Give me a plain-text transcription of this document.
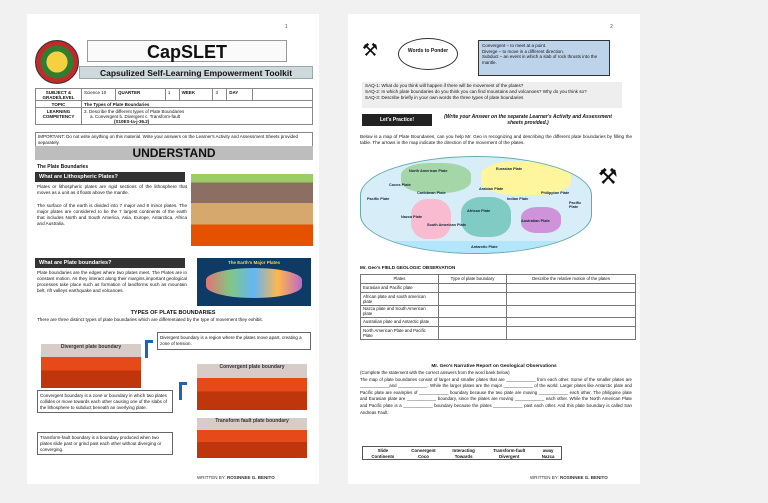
1
CapSLET
Capsulized Self-Learning Empowerment Toolkit
SUBJECT & GRADE/LEVEL	Science 10	QUARTER	1	WEEK	3	DAY	
TOPIC	The Types of Plate Boundaries						
LEARNING COMPETENCY	3. Describe the different types of Plate Boundaries
a. Convergent b. Divergent c. Transform-fault
(S10ES-Ia-j-36.2)						
IMPORTANT: Do not write anything on this material. Write your answers on the Learner's Activity and Assessment Sheets provided separately.
UNDERSTAND
The Plate Boundaries
What are Lithospheric Plates?
Plates or lithospheric plates are rigid sections of the lithosphere that moves as a unit as it floats above the mantle.
The surface of the earth is divided into 7 major and 8 minor plates. The major plates are considered to be the 7 largest continents of the earth that includes North and South America, Asia, Europe, Antarctica, Africa and Australia.
What are Plate boundaries?
Plate boundaries are the edges where two plates meet. The Plates are in constant motion. As they interact along their margins,important geological processes take place such as formation of landforms such as mountain belt, rift valleys earthquake and volcanoes.
The Earth's Major Plates
TYPES OF PLATE BOUNDARIES
There are three distinct types of plate boundaries which are differentiated by the type of movement they exhibit.
Divergent plate boundary
Divergent boundary is a region where the plates move apart, creating a zone of tension.
Convergent plate boundary
Convergent boundary is a zone or boundary in which two plates collides or move towards each other causing one of the slabs of the lithosphere to subduct beneath an overlying plate.
Transform fault plate boundary
Transform-fault boundary is a boundary produced when two plates slide past or grind past each other without diverging or converging.
WRITTEN BY: ROSINNEE G. BENITO
2
⚒	Words to Ponder
Convergent – to meet at a point.
Diverge – to move in a different direction.
Subduct – an event in which a slab of rock thrusts into the mantle.
SAQ-1: What do you think will happen if there will be movement of the plates?
SAQ-2: In which plate boundaries do you think you can find mountains and volcanoes? Why do you think so?
SAQ-3: Describe briefly in your own words the three types of plate boundaries
Let's Practice!	(Write your Answer on the separate Learner's Activity and Assessment sheets provided.)
Below is a map of Plate Boundaries, can you help Mr. Geo in recognizing and describing the different plate boundaries by filling the table. The arrows in the map indicate the direction of the movement of the plates.
Eurasian Plate
Pacific Plate
North American Plate
Caribbean Plate
Cocos Plate
Nazca Plate
South American Plate
African Plate
Arabian Plate
Indian Plate
Australian Plate
Philippine Plate
Antarctic Plate
Pacific Plate
⚒
Mr. Geo's FIELD GEOLOGIC OBSERVATION
Plates	Type of plate boundary	Describe the relative motion of the plates
Eurasian and Pacific plate		
African plate and south american plate		
Nazca plate and South American plate		
Australian plate and Antarctic plate		
North American Plate and Pacific Plate		
Mr. Geo's Narrative Report on Geological Observations
(Complete the statement with the correct answers from the word bank below)
The map of plate boundaries consist of larger and smaller plates that are ____________ from each other. Some of the smaller plates are ____________and ____________. While the larger plates are the major ____________ of the world. Larger plates like Antarctic plate and Pacific plate are examples of ____________ boundary because the two plate are moving ____________ each other. The philippine plate and Eurasian plate are ____________ boundary, since the plates are moving ____________ each other. While the North American Plate and Pacific plate is a ____________ boundary because the plates ____________ past each other. And this plate boundary is called San Andreas Fault.
Slide	Convergent	Interacting	Transform-fault	away
Continents	Coco	Towards	Divergent	Nazca
WRITTEN BY: ROSINNEE G. BENITO
